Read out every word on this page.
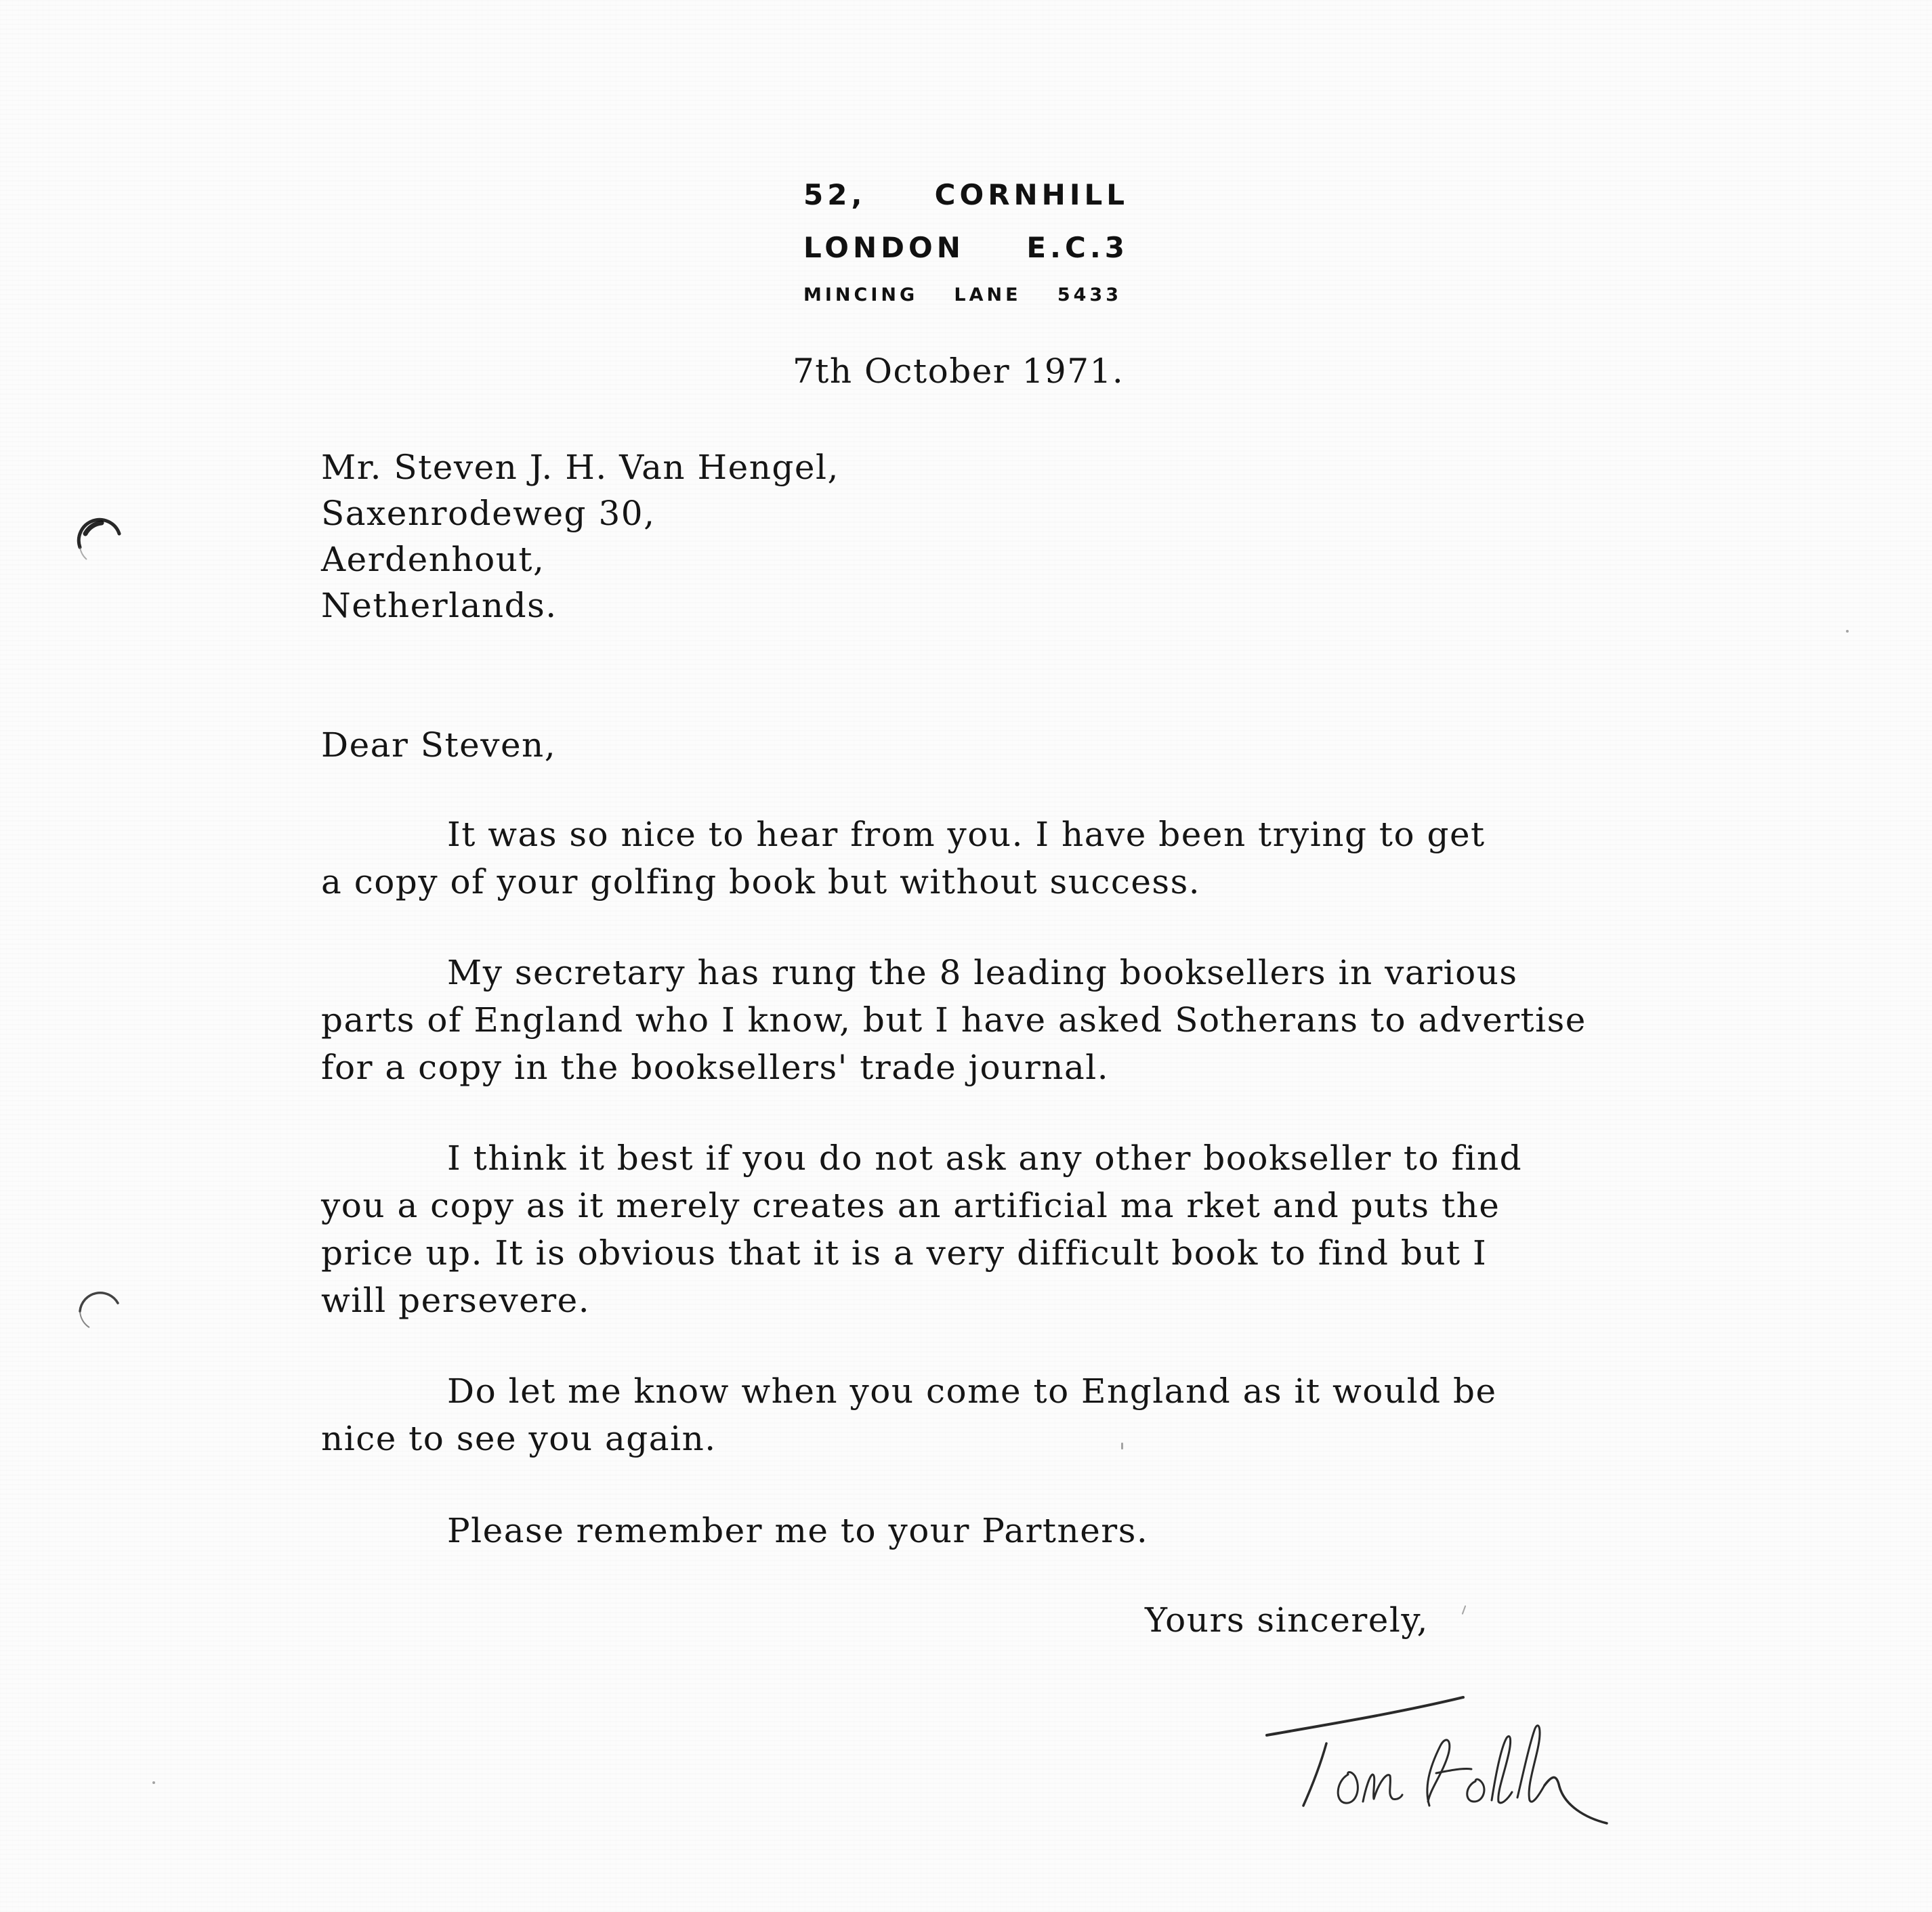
52, CORNHILL
LONDON E.C.3
MINCING LANE 5433
7th October 1971.
Mr. Steven J. H. Van Hengel,
Saxenrodeweg 30,
Aerdenhout,
Netherlands.
Dear Steven,
It was so nice to hear from you. I have been trying to get
a copy of your golfing book but without success.
My secretary has rung the 8 leading booksellers in various
parts of England who I know, but I have asked Sotherans to advertise
for a copy in the booksellers' trade journal.
I think it best if you do not ask any other bookseller to find
you a copy as it merely creates an artificial ma rket and puts the
price up. It is obvious that it is a very difficult book to find but I
will persevere.
Do let me know when you come to England as it would be
nice to see you again.
Please remember me to your Partners.
Yours sincerely,
